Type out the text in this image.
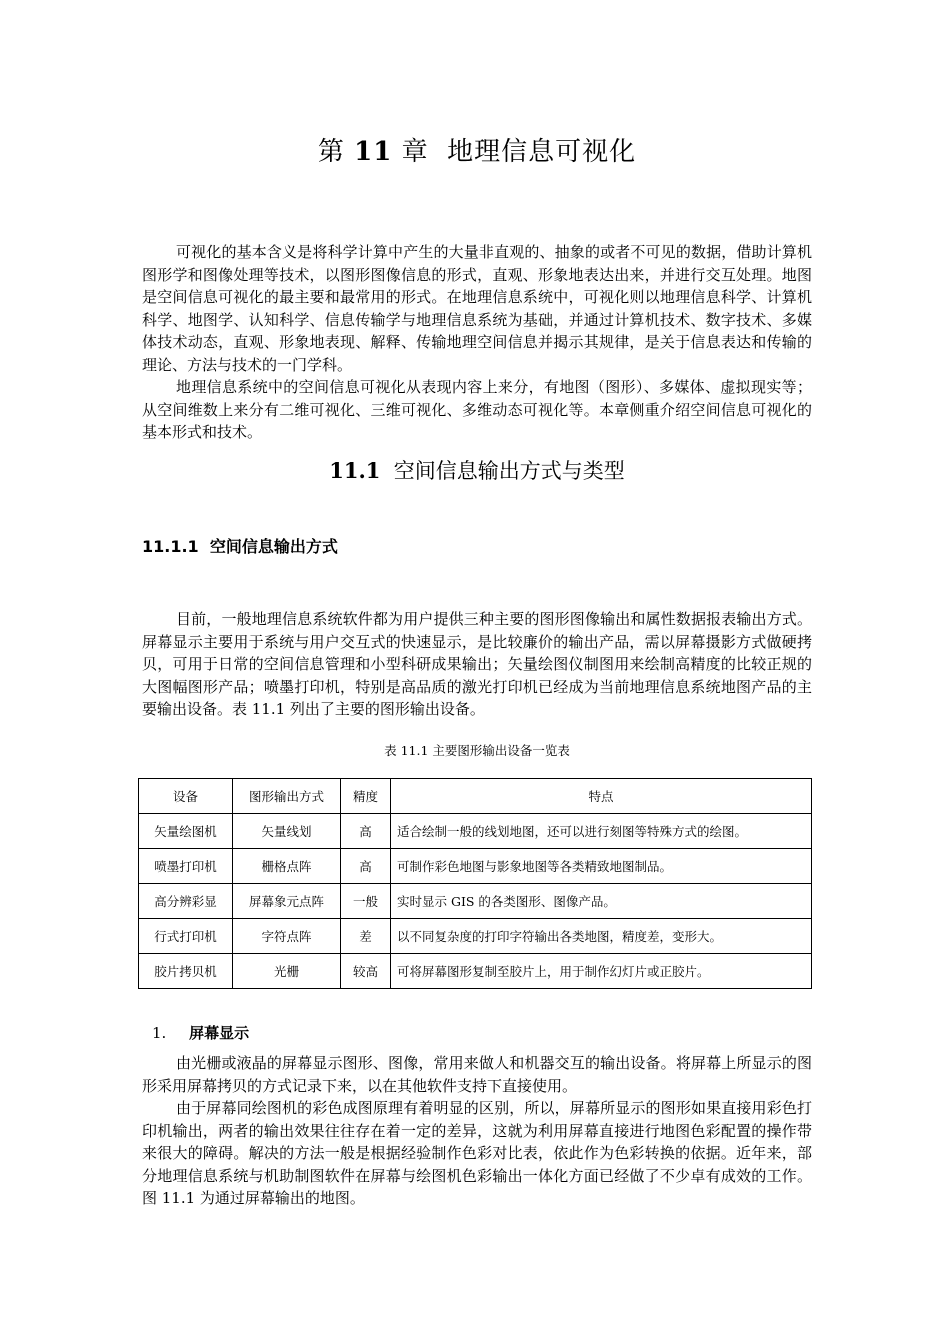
第 11 章 地理信息可视化

可视化的基本含义是将科学计算中产生的大量非直观的、抽象的或者不可见的数据，借助计算机图形学和图像处理等技术，以图形图像信息的形式，直观、形象地表达出来，并进行交互处理。地图是空间信息可视化的最主要和最常用的形式。在地理信息系统中，可视化则以地理信息科学、计算机科学、地图学、认知科学、信息传输学与地理信息系统为基础，并通过计算机技术、数字技术、多媒体技术动态，直观、形象地表现、解释、传输地理空间信息并揭示其规律，是关于信息表达和传输的理论、方法与技术的一门学科。

地理信息系统中的空间信息可视化从表现内容上来分，有地图（图形）、多媒体、虚拟现实等；从空间维数上来分有二维可视化、三维可视化、多维动态可视化等。本章侧重介绍空间信息可视化的基本形式和技术。

11.1 空间信息输出方式与类型
11.1.1 空间信息输出方式

目前，一般地理信息系统软件都为用户提供三种主要的图形图像输出和属性数据报表输出方式。屏幕显示主要用于系统与用户交互式的快速显示，是比较廉价的输出产品，需以屏幕摄影方式做硬拷贝，可用于日常的空间信息管理和小型科研成果输出；矢量绘图仪制图用来绘制高精度的比较正规的大图幅图形产品；喷墨打印机，特别是高品质的激光打印机已经成为当前地理信息系统地图产品的主要输出设备。表 11.1 列出了主要的图形输出设备。

表 11.1 主要图形输出设备一览表
设备	图形输出方式	精度	特点
矢量绘图机	矢量线划	高	适合绘制一般的线划地图，还可以进行刻图等特殊方式的绘图。
喷墨打印机	栅格点阵	高	可制作彩色地图与影象地图等各类精致地图制品。
高分辨彩显	屏幕象元点阵	一般	实时显示 GIS 的各类图形、图像产品。
行式打印机	字符点阵	差	以不同复杂度的打印字符输出各类地图，精度差，变形大。
胶片拷贝机	光栅	较高	可将屏幕图形复制至胶片上，用于制作幻灯片或正胶片。
1. 屏幕显示

由光栅或液晶的屏幕显示图形、图像，常用来做人和机器交互的输出设备。将屏幕上所显示的图形采用屏幕拷贝的方式记录下来，以在其他软件支持下直接使用。

由于屏幕同绘图机的彩色成图原理有着明显的区别，所以，屏幕所显示的图形如果直接用彩色打印机输出，两者的输出效果往往存在着一定的差异，这就为利用屏幕直接进行地图色彩配置的操作带来很大的障碍。解决的方法一般是根据经验制作色彩对比表，依此作为色彩转换的依据。近年来，部分地理信息系统与机助制图软件在屏幕与绘图机色彩输出一体化方面已经做了不少卓有成效的工作。图 11.1 为通过屏幕输出的地图。
